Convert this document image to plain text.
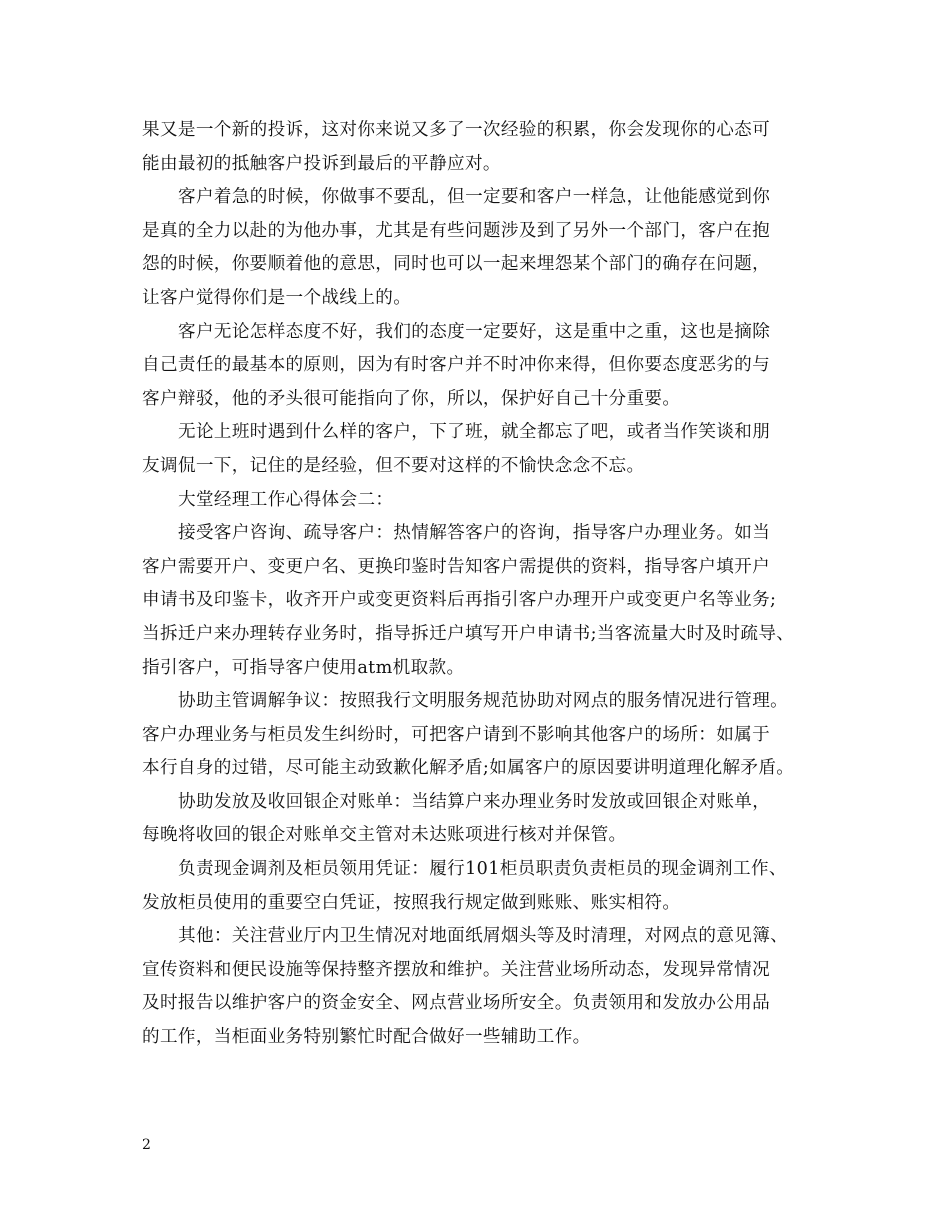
果又是一个新的投诉，这对你来说又多了一次经验的积累，你会发现你的心态可
能由最初的抵触客户投诉到最后的平静应对。
客户着急的时候，你做事不要乱，但一定要和客户一样急，让他能感觉到你
是真的全力以赴的为他办事，尤其是有些问题涉及到了另外一个部门，客户在抱
怨的时候，你要顺着他的意思，同时也可以一起来埋怨某个部门的确存在问题，
让客户觉得你们是一个战线上的。
客户无论怎样态度不好，我们的态度一定要好，这是重中之重，这也是摘除
自己责任的最基本的原则，因为有时客户并不时冲你来得，但你要态度恶劣的与
客户辩驳，他的矛头很可能指向了你，所以，保护好自己十分重要。
无论上班时遇到什么样的客户，下了班，就全都忘了吧，或者当作笑谈和朋
友调侃一下，记住的是经验，但不要对这样的不愉快念念不忘。
大堂经理工作心得体会二：
接受客户咨询、疏导客户：热情解答客户的咨询，指导客户办理业务。如当
客户需要开户、变更户名、更换印鉴时告知客户需提供的资料，指导客户填开户
申请书及印鉴卡，收齐开户或变更资料后再指引客户办理开户或变更户名等业务;
当拆迁户来办理转存业务时，指导拆迁户填写开户申请书;当客流量大时及时疏导、
指引客户，可指导客户使用atm机取款。
协助主管调解争议：按照我行文明服务规范协助对网点的服务情况进行管理。
客户办理业务与柜员发生纠纷时，可把客户请到不影响其他客户的场所：如属于
本行自身的过错，尽可能主动致歉化解矛盾;如属客户的原因要讲明道理化解矛盾。
协助发放及收回银企对账单：当结算户来办理业务时发放或回银企对账单，
每晚将收回的银企对账单交主管对未达账项进行核对并保管。
负责现金调剂及柜员领用凭证：履行101柜员职责负责柜员的现金调剂工作、
发放柜员使用的重要空白凭证，按照我行规定做到账账、账实相符。
其他：关注营业厅内卫生情况对地面纸屑烟头等及时清理，对网点的意见簿、
宣传资料和便民设施等保持整齐摆放和维护。关注营业场所动态，发现异常情况
及时报告以维护客户的资金安全、网点营业场所安全。负责领用和发放办公用品
的工作，当柜面业务特别繁忙时配合做好一些辅助工作。
2
